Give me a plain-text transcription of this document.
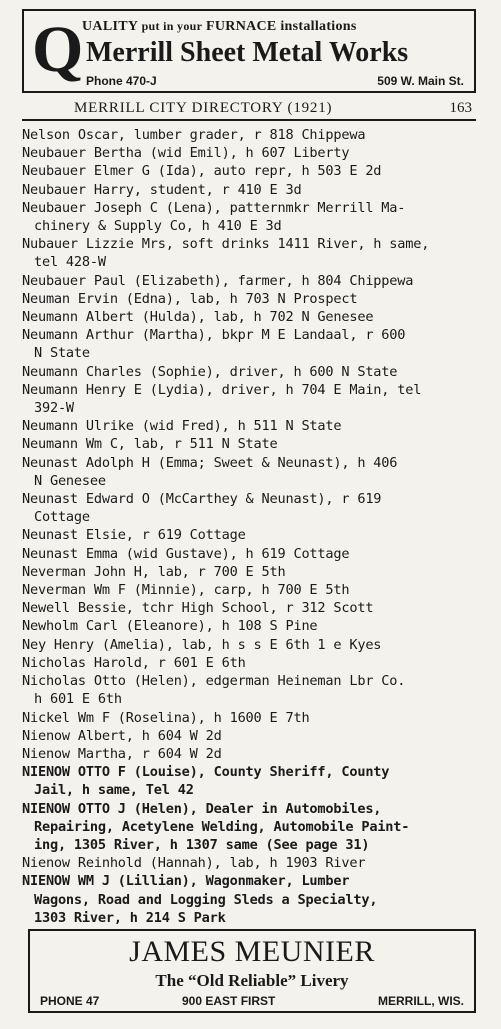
Q
UALITY put in your FURNACE installations
Merrill Sheet Metal Works
Phone 470-J	509 W. Main St.
MERRILL CITY DIRECTORY (1921)	163
Nelson Oscar, lumber grader, r 818 Chippewa
Neubauer Bertha (wid Emil), h 607 Liberty
Neubauer Elmer G (Ida), auto repr, h 503 E 2d
Neubauer Harry, student, r 410 E 3d
Neubauer Joseph C (Lena), patternmkr Merrill Ma-
chinery & Supply Co, h 410 E 3d
Nubauer Lizzie Mrs, soft drinks 1411 River, h same,
tel 428-W
Neubauer Paul (Elizabeth), farmer, h 804 Chippewa
Neuman Ervin (Edna), lab, h 703 N Prospect
Neumann Albert (Hulda), lab, h 702 N Genesee
Neumann Arthur (Martha), bkpr M E Landaal, r 600
N State
Neumann Charles (Sophie), driver, h 600 N State
Neumann Henry E (Lydia), driver, h 704 E Main, tel
392-W
Neumann Ulrike (wid Fred), h 511 N State
Neumann Wm C, lab, r 511 N State
Neunast Adolph H (Emma; Sweet & Neunast), h 406
N Genesee
Neunast Edward O (McCarthey & Neunast), r 619
Cottage
Neunast Elsie, r 619 Cottage
Neunast Emma (wid Gustave), h 619 Cottage
Neverman John H, lab, r 700 E 5th
Neverman Wm F (Minnie), carp, h 700 E 5th
Newell Bessie, tchr High School, r 312 Scott
Newholm Carl (Eleanore), h 108 S Pine
Ney Henry (Amelia), lab, h s s E 6th 1 e Kyes
Nicholas Harold, r 601 E 6th
Nicholas Otto (Helen), edgerman Heineman Lbr Co.
h 601 E 6th
Nickel Wm F (Roselina), h 1600 E 7th
Nienow Albert, h 604 W 2d
Nienow Martha, r 604 W 2d
NIENOW OTTO F (Louise), County Sheriff, County
Jail, h same, Tel 42
NIENOW OTTO J (Helen), Dealer in Automobiles,
Repairing, Acetylene Welding, Automobile Paint-
ing, 1305 River, h 1307 same (See page 31)
Nienow Reinhold (Hannah), lab, h 1903 River
NIENOW WM J (Lillian), Wagonmaker, Lumber
Wagons, Road and Logging Sleds a Specialty,
1303 River, h 214 S Park
JAMES MEUNIER
The “Old Reliable” Livery
PHONE 47	900 EAST FIRST	MERRILL, WIS.
